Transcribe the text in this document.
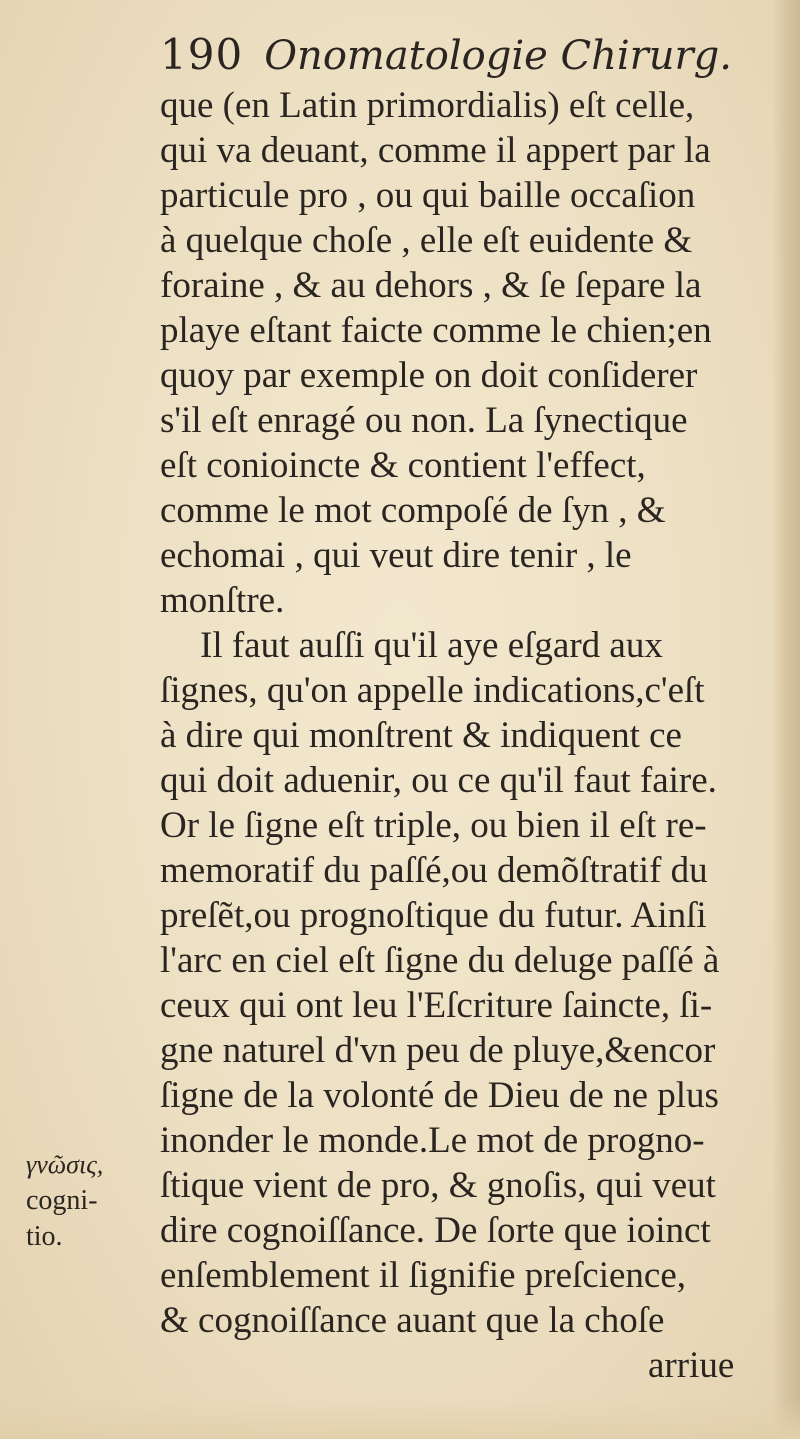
190 Onomatologie Chirurg.
que (en Latin primordialis) eſt celle,
qui va deuant, comme il appert par la
particule pro , ou qui baille occaſion
à quelque choſe , elle eſt euidente &
foraine , & au dehors , & ſe ſepare la
playe eſtant faicte comme le chien;en
quoy par exemple on doit conſiderer
s'il eſt enragé ou non. La ſynectique
eſt conioincte & contient l'effect,
comme le mot compoſé de ſyn , &
echomai , qui veut dire tenir , le
monſtre.
Il faut auſſi qu'il aye eſgard aux
ſignes, qu'on appelle indications,c'eſt
à dire qui monſtrent & indiquent ce
qui doit aduenir, ou ce qu'il faut faire.
Or le ſigne eſt triple, ou bien il eſt re-
memoratif du paſſé,ou demõſtratif du
preſẽt,ou prognoſtique du futur. Ainſi
l'arc en ciel eſt ſigne du deluge paſſé à
ceux qui ont leu l'Eſcriture ſaincte, ſi-
gne naturel d'vn peu de pluye,&encor
ſigne de la volonté de Dieu de ne plus
inonder le monde.Le mot de progno-
ſtique vient de pro, & gnoſis, qui veut
dire cognoiſſance. De ſorte que ioinct
enſemblement il ſignifie preſcience,
& cognoiſſance auant que la choſe
arriue
γνῶσις,
cogni-
tio.
